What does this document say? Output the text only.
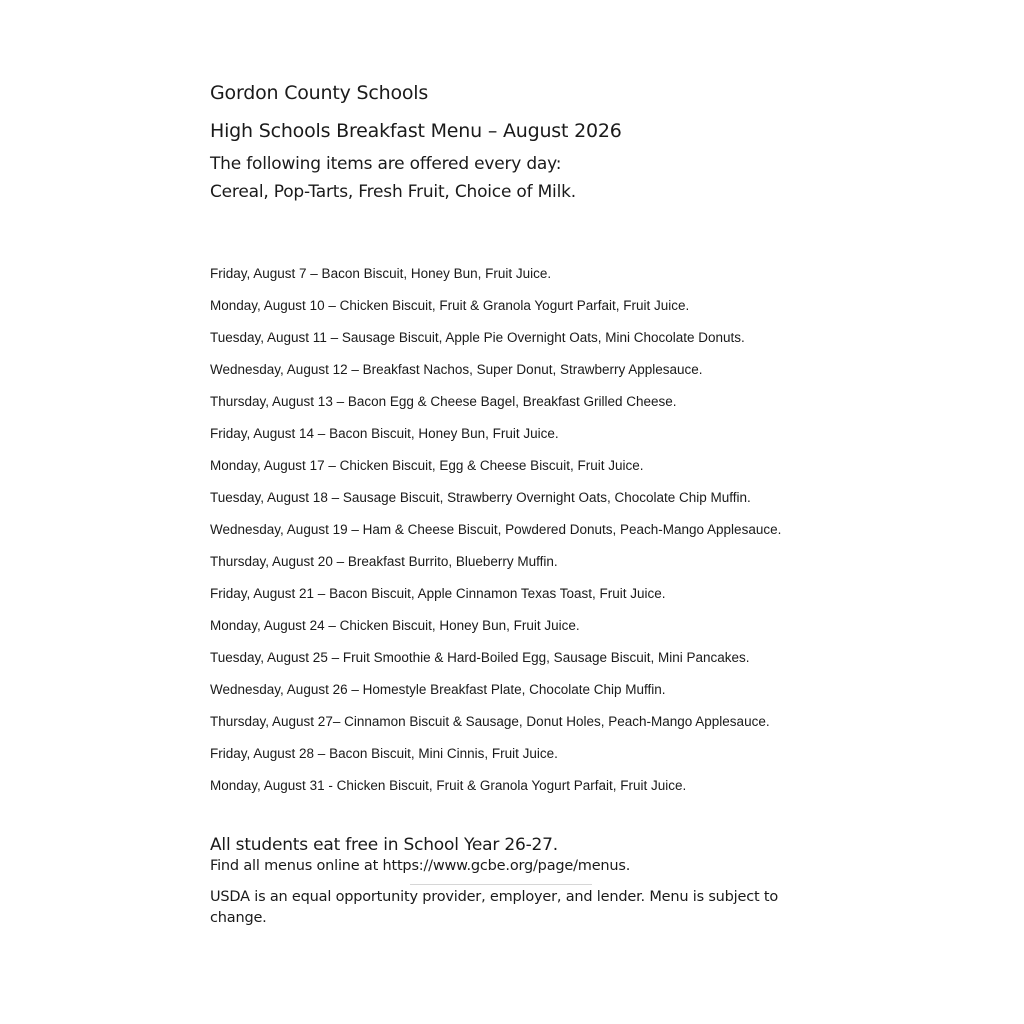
Gordon County Schools
High Schools Breakfast Menu – August 2026
The following items are offered every day:
Cereal, Pop-Tarts, Fresh Fruit, Choice of Milk.
Friday, August 7 – Bacon Biscuit, Honey Bun, Fruit Juice.
Monday, August 10 – Chicken Biscuit, Fruit & Granola Yogurt Parfait, Fruit Juice.
Tuesday, August 11 – Sausage Biscuit, Apple Pie Overnight Oats, Mini Chocolate Donuts.
Wednesday, August 12 – Breakfast Nachos, Super Donut, Strawberry Applesauce.
Thursday, August 13 – Bacon Egg & Cheese Bagel, Breakfast Grilled Cheese.
Friday, August 14 – Bacon Biscuit, Honey Bun, Fruit Juice.
Monday, August 17 – Chicken Biscuit, Egg & Cheese Biscuit, Fruit Juice.
Tuesday, August 18 – Sausage Biscuit, Strawberry Overnight Oats, Chocolate Chip Muffin.
Wednesday, August 19 – Ham & Cheese Biscuit, Powdered Donuts, Peach-Mango Applesauce.
Thursday, August 20 – Breakfast Burrito, Blueberry Muffin.
Friday, August 21 – Bacon Biscuit, Apple Cinnamon Texas Toast, Fruit Juice.
Monday, August 24 – Chicken Biscuit, Honey Bun, Fruit Juice.
Tuesday, August 25 – Fruit Smoothie & Hard-Boiled Egg, Sausage Biscuit, Mini Pancakes.
Wednesday, August 26 – Homestyle Breakfast Plate, Chocolate Chip Muffin.
Thursday, August 27– Cinnamon Biscuit & Sausage, Donut Holes, Peach-Mango Applesauce.
Friday, August 28 – Bacon Biscuit, Mini Cinnis, Fruit Juice.
Monday, August 31 - Chicken Biscuit, Fruit & Granola Yogurt Parfait, Fruit Juice.
All students eat free in School Year 26-27.
Find all menus online at https://www.gcbe.org/page/menus.
USDA is an equal opportunity provider, employer, and lender. Menu is subject to change.
